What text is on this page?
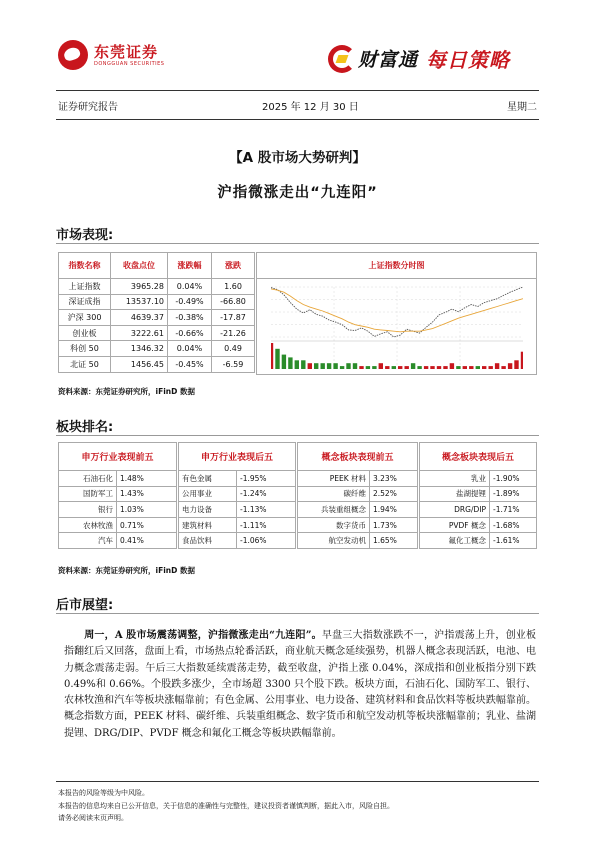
东莞证券
DONGGUAN SECURITIES	财富通 每日策略
证券研究报告	2025 年 12 月 30 日	星期二
【A 股市场大势研判】
沪指微涨走出“九连阳”
市场表现:
指数名称	收盘点位	涨跌幅	涨跌
上证指数	3965.28	0.04%	1.60
深证成指	13537.10	-0.49%	-66.80
沪深 300	4639.37	-0.38%	-17.87
创业板	3222.61	-0.66%	-21.26
科创 50	1346.32	0.04%	0.49
北证 50	1456.45	-0.45%	-6.59
上证指数分时图
资料来源：东莞证券研究所，iFinD 数据
板块排名:
申万行业表现前五	
石油石化	1.48%
国防军工	1.43%
银行	1.03%
农林牧渔	0.71%
汽车	0.41%
申万行业表现后五	
有色金属	-1.95%
公用事业	-1.24%
电力设备	-1.13%
建筑材料	-1.11%
食品饮料	-1.06%
概念板块表现前五	
PEEK 材料	3.23%
碳纤维	2.52%
兵装重组概念	1.94%
数字货币	1.73%
航空发动机	1.65%
概念板块表现后五	
乳业	-1.90%
盐湖提锂	-1.89%
DRG/DIP	-1.71%
PVDF 概念	-1.68%
氟化工概念	-1.61%
资料来源：东莞证券研究所，iFinD 数据
后市展望:
周一，A 股市场震荡调整，沪指微涨走出“九连阳”。早盘三大指数涨跌不一，沪指震荡上升，创业板指翻红后又回落，盘面上看，市场热点轮番活跃，商业航天概念延续强势，机器人概念表现活跃，电池、电力概念震荡走弱。午后三大指数延续震荡走势，截至收盘，沪指上涨 0.04%，深成指和创业板指分别下跌 0.49%和 0.66%。个股跌多涨少，全市场超 3300 只个股下跌。板块方面，石油石化、国防军工、银行、农林牧渔和汽车等板块涨幅靠前；有色金属、公用事业、电力设备、建筑材料和食品饮料等板块跌幅靠前。概念指数方面，PEEK 材料、碳纤维、兵装重组概念、数字货币和航空发动机等板块涨幅靠前；乳业、盐湖提锂、DRG/DIP、PVDF 概念和氟化工概念等板块跌幅靠前。
本报告的风险等级为中风险。
本报告的信息均来自已公开信息，关于信息的准确性与完整性，建议投资者谨慎判断，据此入市，风险自担。
请务必阅读末页声明。
